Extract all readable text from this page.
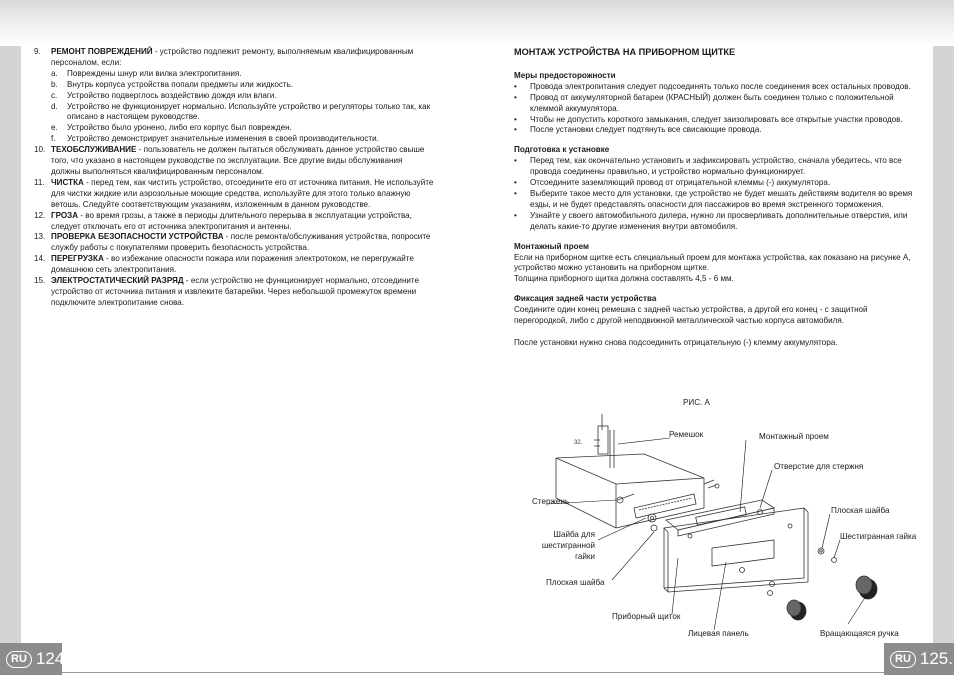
9.	РЕМОНТ ПОВРЕЖДЕНИЙ - устройство подлежит ремонту, выполняемым квалифицированным персоналом, если:
a.	Повреждены шнур или вилка электропитания.
b.	Внутрь корпуса устройства попали предметы или жидкость.
c.	Устройство подверглось воздействию дождя или влаги.
d.	Устройство не функционирует нормально. Используйте устройство и регуляторы только так, как описано в настоящем руководстве.
e.	Устройство было уронено, либо его корпус был поврежден.
f.	Устройство демонстрирует значительные изменения в своей производительности.
10. ТЕХОБСЛУЖИВАНИЕ - пользователь не должен пытаться обслуживать данное устройство свыше того, что указано в настоящем руководстве по эксплуатации. Все другие виды обслуживания должны выполняться квалифицированным персоналом.
11. ЧИСТКА - перед тем, как чистить устройство, отсоедините его от источника питания. Не используйте для чистки жидкие или аэрозольные моющие средства, используйте для этого только влажную ветошь. Следуйте соответствующим указаниям, изложенным в данном руководстве.
12. ГРОЗА - во время грозы, а также в периоды длительного перерыва в эксплуатации устройства, следует отключать его от источника электропитания и антенны.
13. ПРОВЕРКА БЕЗОПАСНОСТИ УСТРОЙСТВА - после ремонта/обслуживания устройства, попросите службу работы с покупателями проверить безопасность устройства.
14. ПЕРЕГРУЗКА - во избежание опасности пожара или поражения электротоком, не перегружайте домашнюю сеть электропитания.
15. ЭЛЕКТРОСТАТИЧЕСКИЙ РАЗРЯД - если устройство не функционирует нормально, отсоедините устройство от источника питания и извлеките батарейки. Через небольшой промежуток времени подключите электропитание снова.
МОНТАЖ УСТРОЙСТВА НА ПРИБОРНОМ ЩИТКЕ
Меры предосторожности
•	Провода электропитания следует подсоединять только после соединения всех остальных проводов.
•	Провод от аккумуляторной батареи (КРАСНЫЙ) должен быть соединен только с положительной клеммой аккумулятора.
•	Чтобы не допустить короткого замыкания, следует заизолировать все открытые участки проводов.
•	После установки следует подтянуть все свисающие провода.
Подготовка к установке
•	Перед тем, как окончательно установить и зафиксировать устройство, сначала убедитесь, что все провода соединены правильно, и устройство нормально функционирует.
•	Отсоедините заземляющий провод от отрицательной клеммы (-) аккумулятора.
•	Выберите такое место для установки, где устройство не будет мешать действиям водителя во время езды, и не будет представлять опасности для пассажиров во время экстренного торможения.
•	Узнайте у своего автомобильного дилера, нужно ли просверливать дополнительные отверстия, или делать какие-то другие изменения внутри автомобиля.
Монтажный проем
Если на приборном щитке есть специальный проем для монтажа устройства, как показано на рисунке А, устройство можно установить на приборном щитке.
Толщина приборного щитка должна составлять 4,5 - 6 мм.
Фиксация задней части устройства
Соедините один конец ремешка с задней частью устройства, а другой его конец - с защитной перегородкой, либо с другой неподвижной металлической частью корпуса автомобиля.
После установки нужно снова подсоединить отрицательную (-) клемму аккумулятора.
РИС. А
32.
Ремешок	Монтажный проем
Отверстие для стержня
Стержень
Плоская шайба
Шестигранная гайка
Шайба для
шестигранной
гайки
Плоская шайба
Приборный щиток
Лицевая панель	Вращающаяся ручка
RU 124.	RU 125.
